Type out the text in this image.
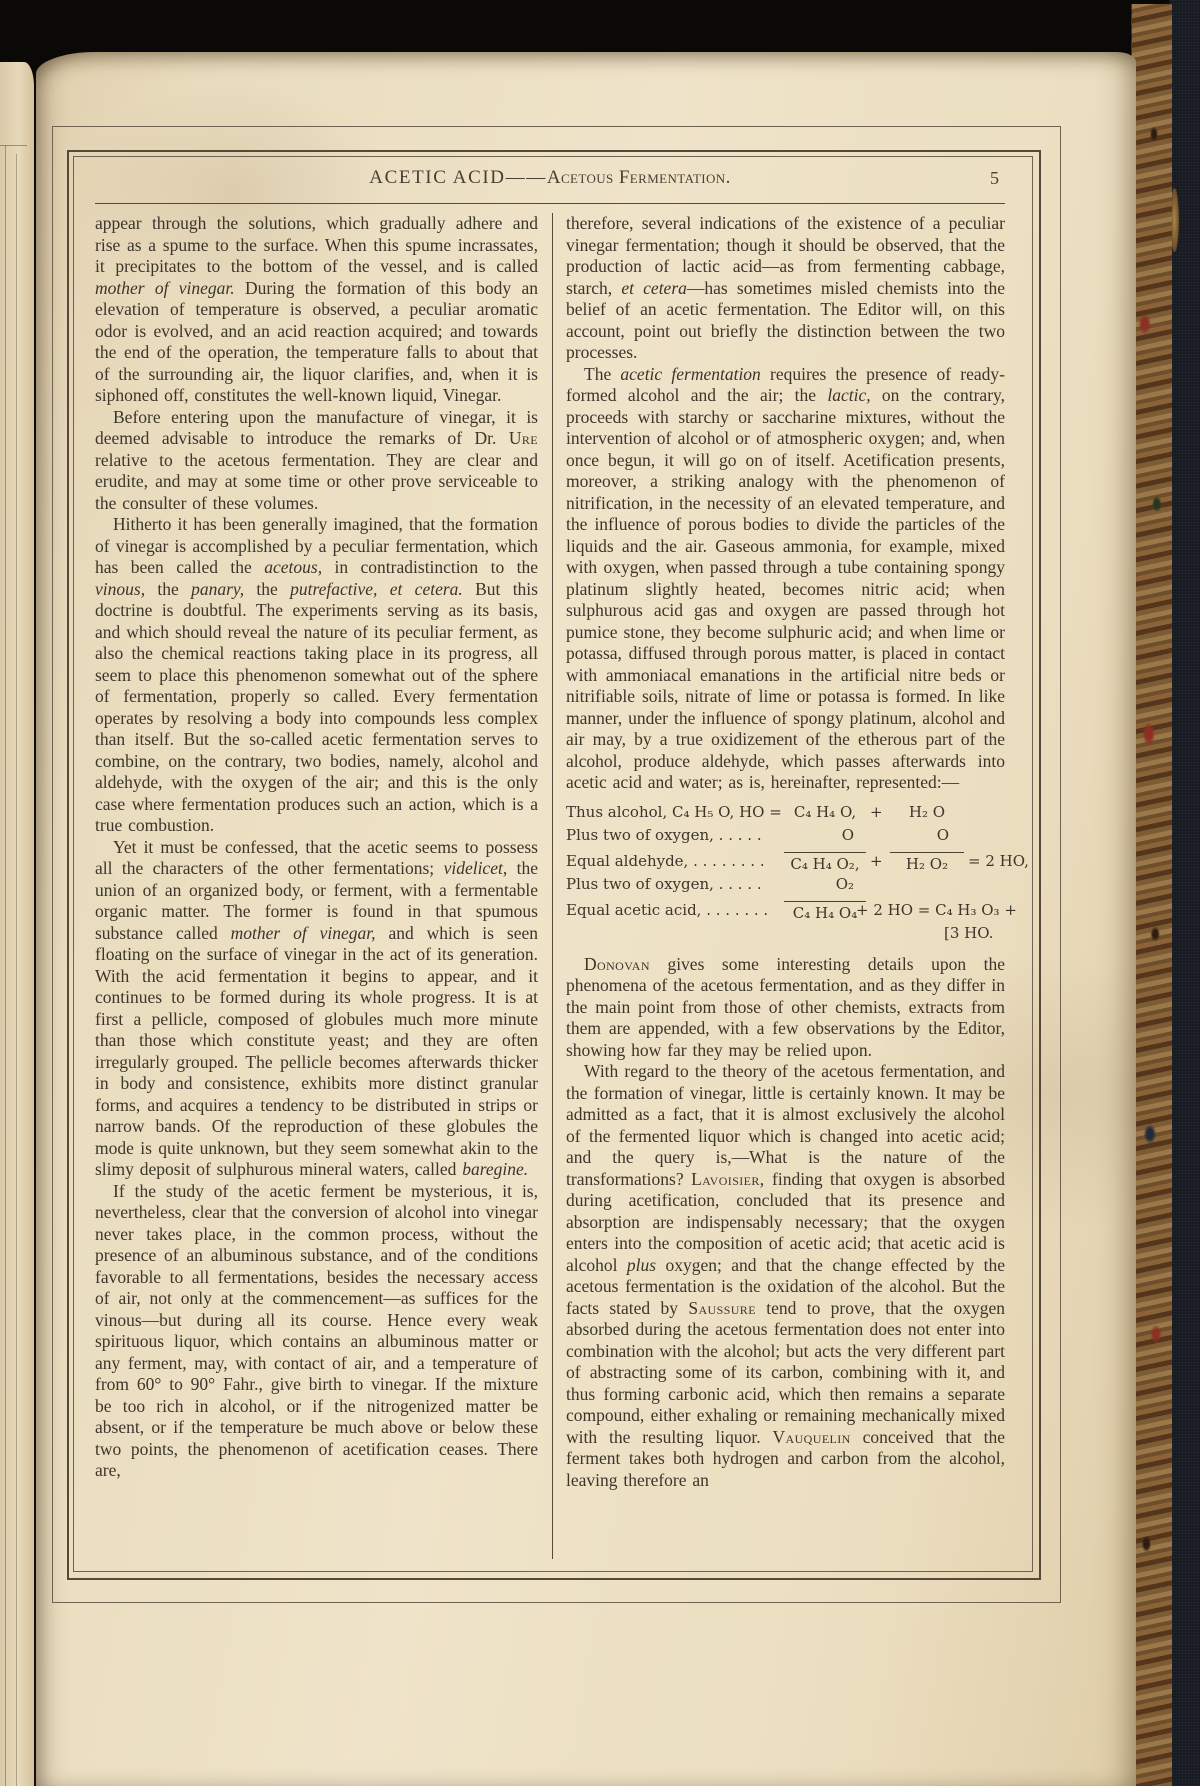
ACETIC ACID——Acetous Fermentation.	5

appear through the solutions, which gradually adhere and rise as a spume to the surface. When this spume incrassates, it precipitates to the bottom of the vessel, and is called mother of vinegar. During the formation of this body an elevation of temperature is observed, a peculiar aromatic odor is evolved, and an acid reaction acquired; and towards the end of the operation, the temperature falls to about that of the surrounding air, the liquor clarifies, and, when it is siphoned off, constitutes the well-known liquid, Vinegar.

Before entering upon the manufacture of vinegar, it is deemed advisable to introduce the remarks of Dr. Ure relative to the acetous fermentation. They are clear and erudite, and may at some time or other prove serviceable to the consulter of these volumes.

Hitherto it has been generally imagined, that the formation of vinegar is accomplished by a peculiar fermentation, which has been called the acetous, in contradistinction to the vinous, the panary, the putrefactive, et cetera. But this doctrine is doubtful. The experiments serving as its basis, and which should reveal the nature of its peculiar ferment, as also the chemical reactions taking place in its progress, all seem to place this phenomenon somewhat out of the sphere of fermentation, properly so called. Every fermentation operates by resolving a body into compounds less complex than itself. But the so-called acetic fermentation serves to combine, on the contrary, two bodies, namely, alcohol and aldehyde, with the oxygen of the air; and this is the only case where fermentation produces such an action, which is a true combustion.

Yet it must be confessed, that the acetic seems to possess all the characters of the other fermentations; videlicet, the union of an organized body, or ferment, with a fermentable organic matter. The former is found in that spumous substance called mother of vinegar, and which is seen floating on the surface of vinegar in the act of its generation. With the acid fermentation it begins to appear, and it continues to be formed during its whole progress. It is at first a pellicle, composed of globules much more minute than those which constitute yeast; and they are often irregularly grouped. The pellicle becomes afterwards thicker in body and consistence, exhibits more distinct granular forms, and acquires a tendency to be distributed in strips or narrow bands. Of the reproduction of these globules the mode is quite unknown, but they seem somewhat akin to the slimy deposit of sulphurous mineral waters, called baregine.

If the study of the acetic ferment be mysterious, it is, nevertheless, clear that the conversion of alcohol into vinegar never takes place, in the common process, without the presence of an albuminous substance, and of the conditions favorable to all fermentations, besides the necessary access of air, not only at the commencement—as suffices for the vinous—but during all its course. Hence every weak spirituous liquor, which contains an albuminous matter or any ferment, may, with contact of air, and a temperature of from 60° to 90° Fahr., give birth to vinegar. If the mixture be too rich in alcohol, or if the nitrogenized matter be absent, or if the temperature be much above or below these two points, the phenomenon of acetification ceases. There are,

therefore, several indications of the existence of a peculiar vinegar fermentation; though it should be observed, that the production of lactic acid—as from fermenting cabbage, starch, et cetera—has sometimes misled chemists into the belief of an acetic fermentation. The Editor will, on this account, point out briefly the distinction between the two processes.

The acetic fermentation requires the presence of ready-formed alcohol and the air; the lactic, on the contrary, proceeds with starchy or saccharine mixtures, without the intervention of alcohol or of atmospheric oxygen; and, when once begun, it will go on of itself. Acetification presents, moreover, a striking analogy with the phenomenon of nitrification, in the necessity of an elevated temperature, and the influence of porous bodies to divide the particles of the liquids and the air. Gaseous ammonia, for example, mixed with oxygen, when passed through a tube containing spongy platinum slightly heated, becomes nitric acid; when sulphurous acid gas and oxygen are passed through hot pumice stone, they become sulphuric acid; and when lime or potassa, diffused through porous matter, is placed in contact with ammoniacal emanations in the artificial nitre beds or nitrifiable soils, nitrate of lime or potassa is formed. In like manner, under the influence of spongy platinum, alcohol and air may, by a true oxidizement of the etherous part of the alcohol, produce aldehyde, which passes afterwards into acetic acid and water; as is, hereinafter, represented:—

Thus alcohol, C₄ H₅ O, HO = C₄ H₄ O, +	H₂ O
Plus two of oxygen, . . . . .	O	O
Equal aldehyde, . . . . . . . .	C₄ H₄ O₂, +	H₂ O₂	= 2 HO,
Plus two of oxygen, . . . . .	O₂
Equal acetic acid, . . . . . . .	C₄ H₄ O₄
+ 2 HO = C₄ H₃ O₃ +
[3 HO.

Donovan gives some interesting details upon the phenomena of the acetous fermentation, and as they differ in the main point from those of other chemists, extracts from them are appended, with a few observations by the Editor, showing how far they may be relied upon.

With regard to the theory of the acetous fermentation, and the formation of vinegar, little is certainly known. It may be admitted as a fact, that it is almost exclusively the alcohol of the fermented liquor which is changed into acetic acid; and the query is,—What is the nature of the transformations? Lavoisier, finding that oxygen is absorbed during acetification, concluded that its presence and absorption are indispensably necessary; that the oxygen enters into the composition of acetic acid; that acetic acid is alcohol plus oxygen; and that the change effected by the acetous fermentation is the oxidation of the alcohol. But the facts stated by Saussure tend to prove, that the oxygen absorbed during the acetous fermentation does not enter into combination with the alcohol; but acts the very different part of abstracting some of its carbon, combining with it, and thus forming carbonic acid, which then remains a separate compound, either exhaling or remaining mechanically mixed with the resulting liquor. Vauquelin conceived that the ferment takes both hydrogen and carbon from the alcohol, leaving therefore an
